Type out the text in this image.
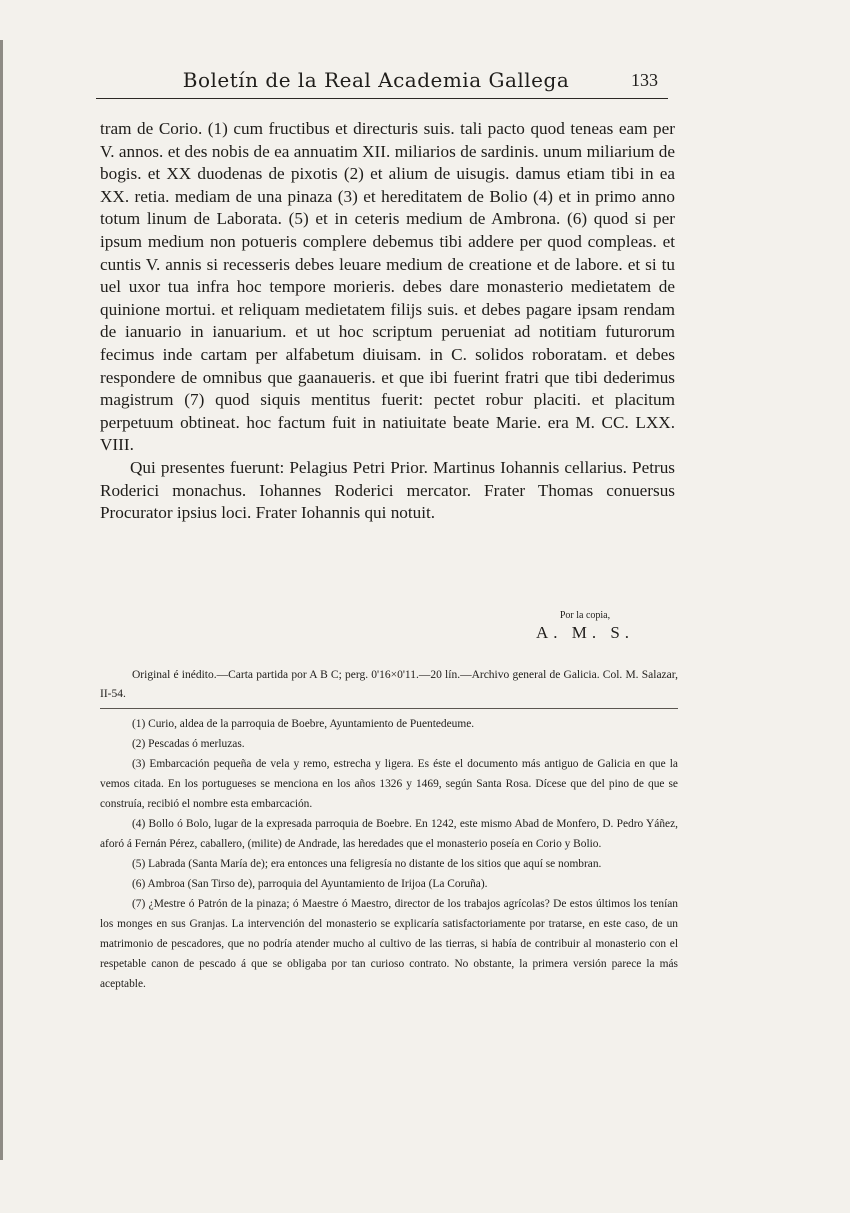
Boletín de la Real Academia Gallega	133

tram de Corio. (1) cum fructibus et directuris suis. tali pacto quod teneas eam per V. annos. et des nobis de ea annuatim XII. miliarios de sardinis. unum miliarium de bogis. et XX duodenas de pixotis (2) et alium de uisugis. damus etiam tibi in ea XX. retia. mediam de una pinaza (3) et hereditatem de Bolio (4) et in primo anno totum linum de Laborata. (5) et in ceteris medium de Ambrona. (6) quod si per ipsum medium non potueris complere debemus tibi addere per quod compleas. et cuntis V. annis si recesseris debes leuare medium de creatione et de labore. et si tu uel uxor tua infra hoc tempore morieris. debes dare monasterio medietatem de quinione mortui. et reliquam medietatem filijs suis. et debes pagare ipsam rendam de ianuario in ianuarium. et ut hoc scriptum perueniat ad notitiam futurorum fecimus inde cartam per alfabetum diuisam. in C. solidos roboratam. et debes respondere de omnibus que gaanaueris. et que ibi fuerint fratri que tibi dederimus magistrum (7) quod siquis mentitus fuerit: pectet robur placiti. et placitum perpetuum obtineat. hoc factum fuit in natiuitate beate Marie. era M. CC. LXX. VIII.

Qui presentes fuerunt: Pelagius Petri Prior. Martinus Iohannis cellarius. Petrus Roderici monachus. Iohannes Roderici mercator. Frater Thomas conuersus Procurator ipsius loci. Frater Iohannis qui notuit.

Por la copia,
A. M. S.
Original é inédito.—Carta partida por A B C; perg. 0'16×0'11.—20 lín.—Archivo general de Galicia. Col. M. Salazar, II-54.

(1) Curio, aldea de la parroquia de Boebre, Ayuntamiento de Puentedeume.

(2) Pescadas ó merluzas.

(3) Embarcación pequeña de vela y remo, estrecha y ligera. Es éste el documento más antiguo de Galicia en que la vemos citada. En los portugueses se menciona en los años 1326 y 1469, según Santa Rosa. Dícese que del pino de que se construía, recibió el nombre esta embarcación.

(4) Bollo ó Bolo, lugar de la expresada parroquia de Boebre. En 1242, este mismo Abad de Monfero, D. Pedro Yáñez, aforó á Fernán Pérez, caballero, (milite) de Andrade, las heredades que el monasterio poseía en Corio y Bolio.

(5) Labrada (Santa María de); era entonces una feligresía no distante de los sitios que aquí se nombran.

(6) Ambroa (San Tirso de), parroquia del Ayuntamiento de Irijoa (La Coruña).

(7) ¿Mestre ó Patrón de la pinaza; ó Maestre ó Maestro, director de los trabajos agrícolas? De estos últimos los tenían los monges en sus Granjas. La intervención del monasterio se explicaría satisfactoriamente por tratarse, en este caso, de un matrimonio de pescadores, que no podría atender mucho al cultivo de las tierras, si había de contribuir al monasterio con el respetable canon de pescado á que se obligaba por tan curioso contrato. No obstante, la primera versión parece la más aceptable.
